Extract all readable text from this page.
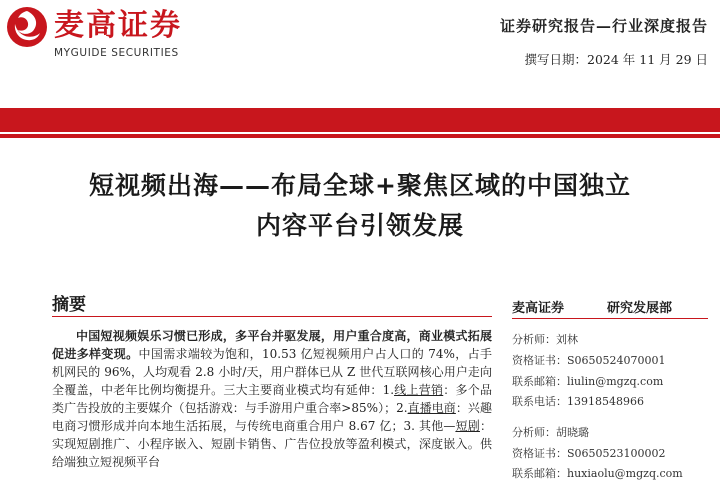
麦高证券
MYGUIDE SECURITIES
证券研究报告—行业深度报告
撰写日期：2024 年 11 月 29 日
短视频出海——布局全球+聚焦区域的中国独立
内容平台引领发展
摘要
中国短视频娱乐习惯已形成，多平台并驱发展，用户重合度高，商业模式拓展促进多样变现。中国需求端较为饱和，10.53 亿短视频用户占人口的 74%，占手机网民的 96%，人均观看 2.8 小时/天，用户群体已从 Z 世代互联网核心用户走向全覆盖，中老年比例均衡提升。三大主要商业模式均有延伸：1.线上营销：多个品类广告投放的主要媒介（包括游戏：与手游用户重合率>85%）；2.直播电商：兴趣电商习惯形成并向本地生活拓展，与传统电商重合用户 8.67 亿；3. 其他—短剧：实现短剧推广、小程序嵌入、短剧卡销售、广告位投放等盈利模式，深度嵌入。供给端独立短视频平台
麦高证券	研究发展部
分析师：刘林
资格证书：S0650524070001
联系邮箱：liulin@mgzq.com
联系电话：13918548966
分析师：胡晓璐
资格证书：S0650523100002
联系邮箱：huxiaolu@mgzq.com
